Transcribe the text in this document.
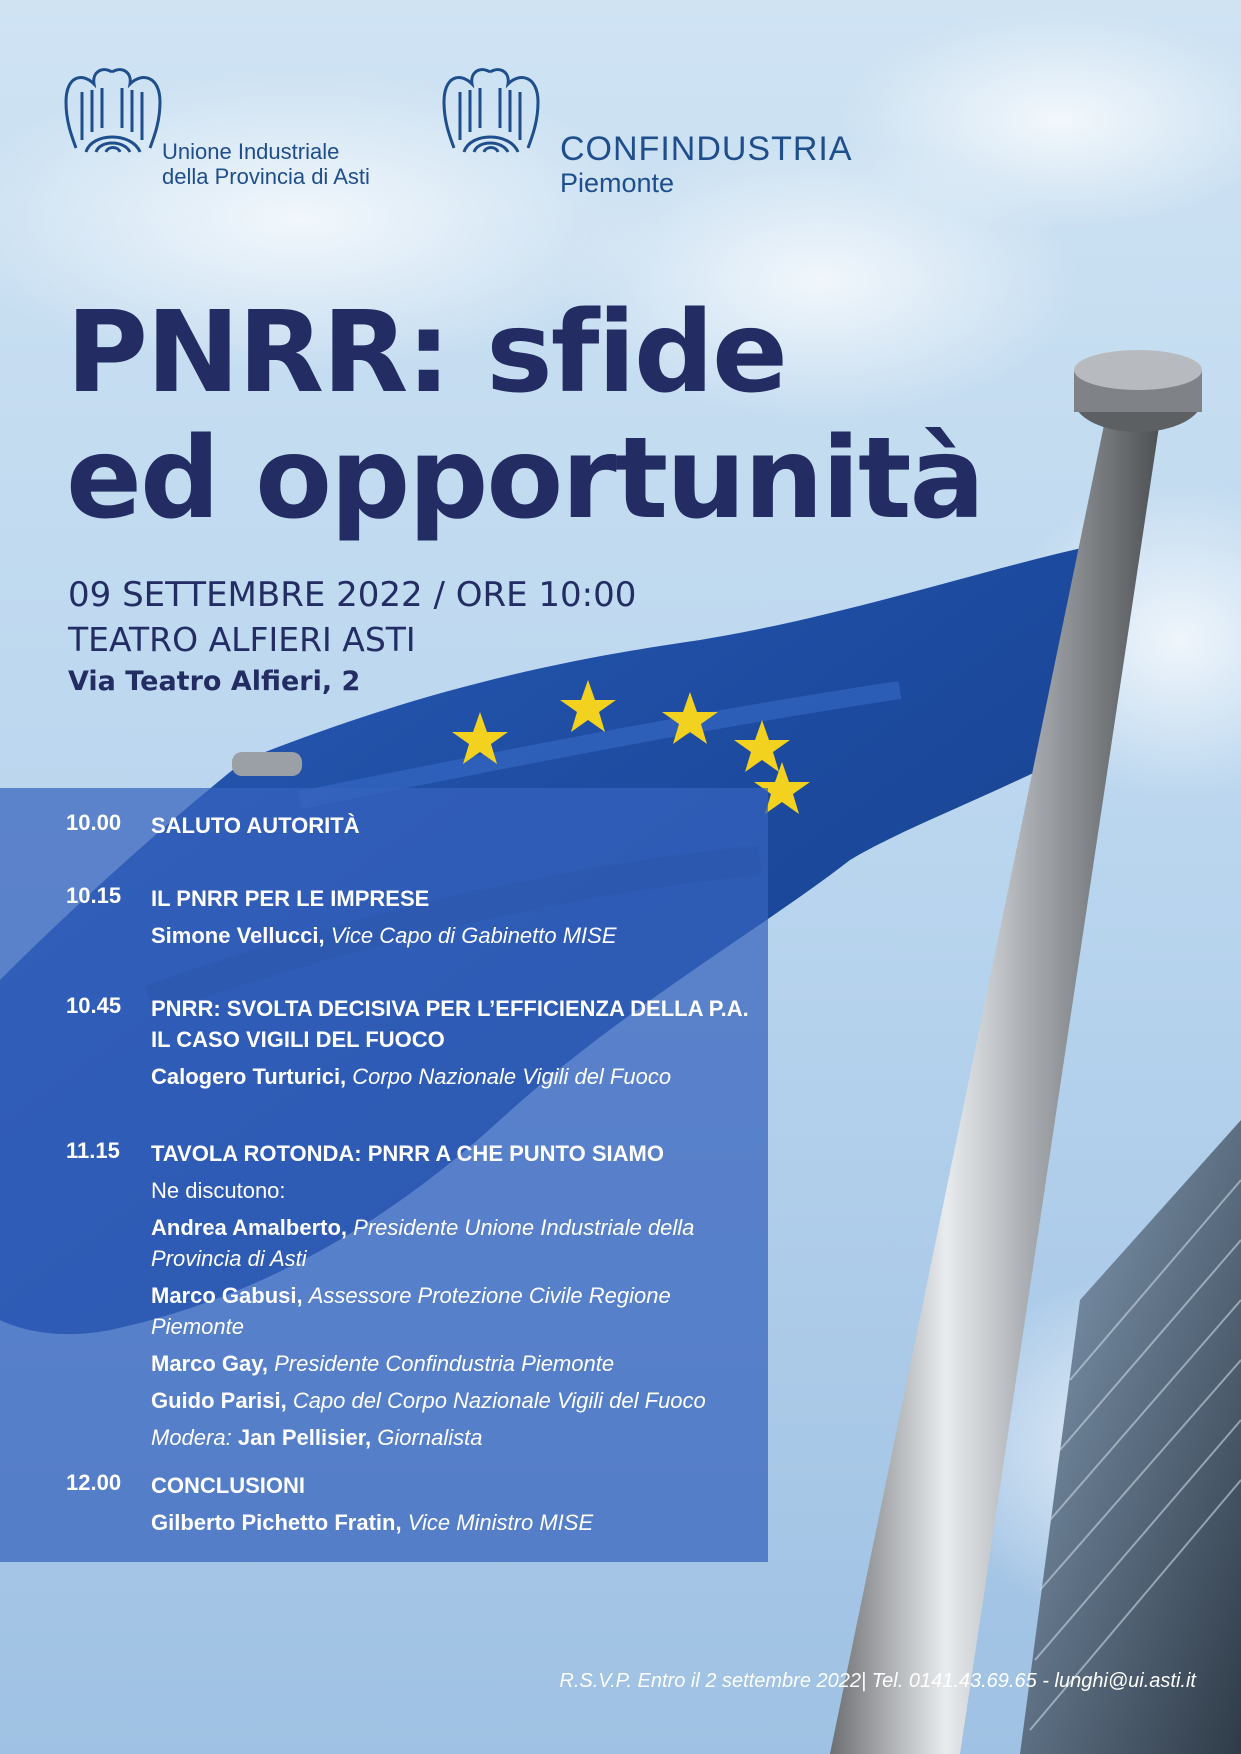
Unione Industriale
della Provincia di Asti
CONFINDUSTRIA
Piemonte
PNRR: sfide
ed opportunità
09 SETTEMBRE 2022 / ORE 10:00
TEATRO ALFIERI ASTI
Via Teatro Alfieri, 2
10.00 SALUTO AUTORITÀ
10.15 IL PNRR PER LE IMPRESE
Simone Vellucci, Vice Capo di Gabinetto MISE
10.45 PNRR: SVOLTA DECISIVA PER L’EFFICIENZA DELLA P.A.
IL CASO VIGILI DEL FUOCO
Calogero Turturici, Corpo Nazionale Vigili del Fuoco
11.15 TAVOLA ROTONDA: PNRR A CHE PUNTO SIAMO
Ne discutono:
Andrea Amalberto, Presidente Unione Industriale della Provincia di Asti
Marco Gabusi, Assessore Protezione Civile Regione Piemonte
Marco Gay, Presidente Confindustria Piemonte
Guido Parisi, Capo del Corpo Nazionale Vigili del Fuoco
Modera: Jan Pellisier, Giornalista
12.00 CONCLUSIONI
Gilberto Pichetto Fratin, Vice Ministro MISE
R.S.V.P. Entro il 2 settembre 2022| Tel. 0141.43.69.65 - lunghi@ui.asti.it
